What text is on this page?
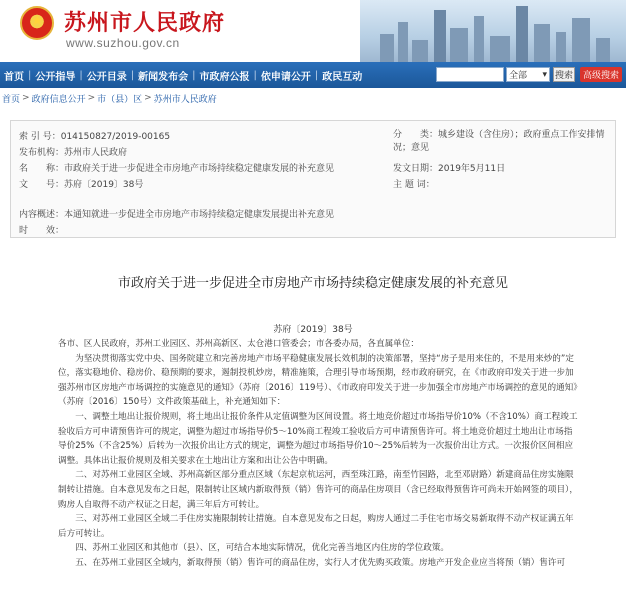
★ 苏州市人民政府
www.suzhou.gov.cn
首页 | 公开指导 | 公开目录 | 新闻发布会 | 市政府公报 | 依申请公开 | 政民互动	全部 ▾ 搜索	高级搜索
首页 > 政府信息公开 > 市（县）区 > 苏州市人民政府
索 引 号：014150827/2019-00165	分　　类：城乡建设（含住房）；政府重点工作安排情况；意见
发布机构：苏州市人民政府
名　　称：市政府关于进一步促进全市房地产市场持续稳定健康发展的补充意见	发文日期：2019年5月11日
文　　号：苏府〔2019〕38号	主 题 词：
内容概述：本通知就进一步促进全市房地产市场持续稳定健康发展提出补充意见
时　　效：
市政府关于进一步促进全市房地产市场持续稳定健康发展的补充意见
苏府〔2019〕38号

各市、区人民政府，苏州工业园区、苏州高新区、太仓港口管委会；市各委办局，各直属单位：

为坚决贯彻落实党中央、国务院建立和完善房地产市场平稳健康发展长效机制的决策部署，坚持“房子是用来住的，不是用来炒的”定位，落实稳地价、稳房价、稳预期的要求，遏制投机炒房，精准施策，合理引导市场预期，经市政府研究，在《市政府印发关于进一步加强苏州市区房地产市场调控的实施意见的通知》（苏府〔2016〕119号）、《市政府印发关于进一步加强全市房地产市场调控的意见的通知》（苏府〔2016〕150号）文件政策基础上，补充通知如下：

一、调整土地出让报价规则，将土地出让报价条件从定值调整为区间设置。将土地竞价超过市场指导价10%（不含10%）商工程竣工验收后方可申请预售许可的规定，调整为超过市场指导价5～10%商工程竣工验收后方可申请预售许可。将土地竞价超过土地出让市场指导价25%（不含25%）后转为一次报价出让方式的规定，调整为超过市场指导价10～25%后转为一次报价出让方式。一次报价区间相应调整。具体出让报价规则及相关要求在土地出让方案和出让公告中明确。

二、对苏州工业园区全域、苏州高新区部分重点区域（东起京杭运河，西至珠江路，南至竹园路，北至邓尉路）新建商品住房实施限制转让措施。自本意见发布之日起，限制转让区域内新取得预（销）售许可的商品住房项目（含已经取得预售许可尚未开始网签的项目），购房人自取得不动产权证之日起，满三年后方可转让。

三、对苏州工业园区全域二手住房实施限制转让措施。自本意见发布之日起，购房人通过二手住宅市场交易新取得不动产权证满五年后方可转让。

四、苏州工业园区和其他市（县）、区，可结合本地实际情况，优化完善当地区内住房的学位政策。

五、在苏州工业园区全域内，新取得预（销）售许可的商品住房，实行人才优先购买政策。房地产开发企业应当将预（销）售许可
